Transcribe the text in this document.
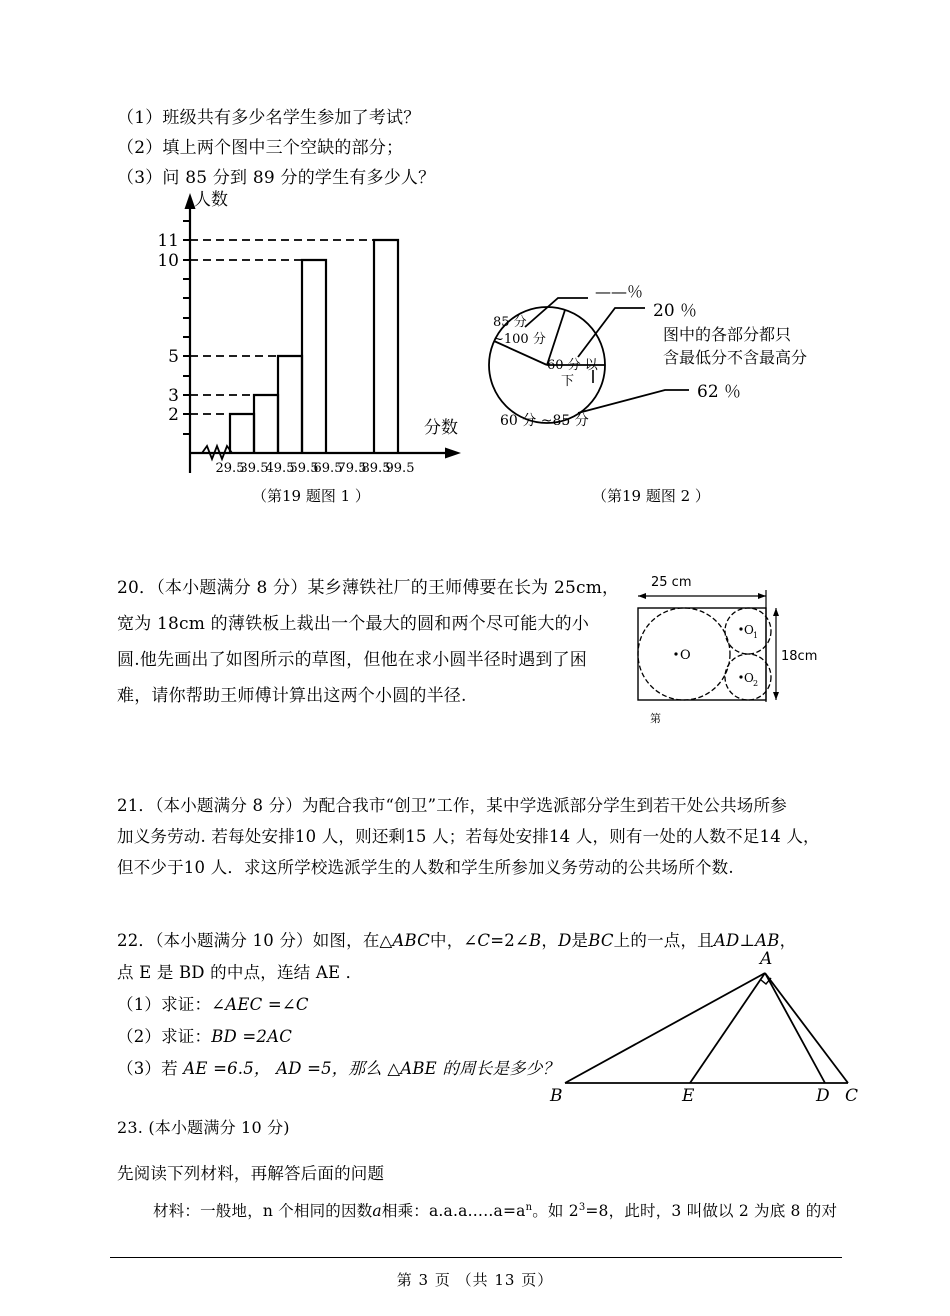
（1）班级共有多少名学生参加了考试？
（2）填上两个图中三个空缺的部分；
（3）问 85 分到 89 分的学生有多少人？
2
3
5
10
11
29.5
39.5
49.5
59.5
69.5
79.5
89.5
99.5
人数
分数
（第19 题图 1 ）
——％
20 ％
62 ％
图中的各部分都只
含最低分不含最高分
85 分
~100 分
60 分 以
下
60 分 ~85 分
（第19 题图 2 ）
20．（本小题满分 8 分）某乡薄铁社厂的王师傅要在长为 25cm，
宽为 18cm 的薄铁板上裁出一个最大的圆和两个尽可能大的小
圆.他先画出了如图所示的草图，但他在求小圆半径时遇到了困
难，请你帮助王师傅计算出这两个小圆的半径.
O
O 1
O 2
25 cm
18cm
第
21．（本小题满分 8 分）为配合我市“创卫”工作，某中学选派部分学生到若干处公共场所参
加义务劳动. 若每处安排10 人，则还剩15 人；若每处安排14 人，则有一处的人数不足14 人，
但不少于10 人．求这所学校选派学生的人数和学生所参加义务劳动的公共场所个数.
22．（本小题满分 10 分）如图，在△ABC中，∠C=2∠B，D是BC上的一点，且AD⊥AB，
点 E 是 BD 的中点，连结 AE ．
（1）求证：∠AEC =∠C
（2）求证：BD =2AC
（3）若 AE =6.5， AD =5，那么 △ABE 的周长是多少？
A
B	E	D C
23. (本小题满分 10 分)
先阅读下列材料，再解答后面的问题
材料：一般地，n 个相同的因数a相乘：$a.a.a\dots..a=a^n$。如 $2^3=8$，此时，3 叫做以 2 为底 8 的对
第 3 页 （共 13 页）
